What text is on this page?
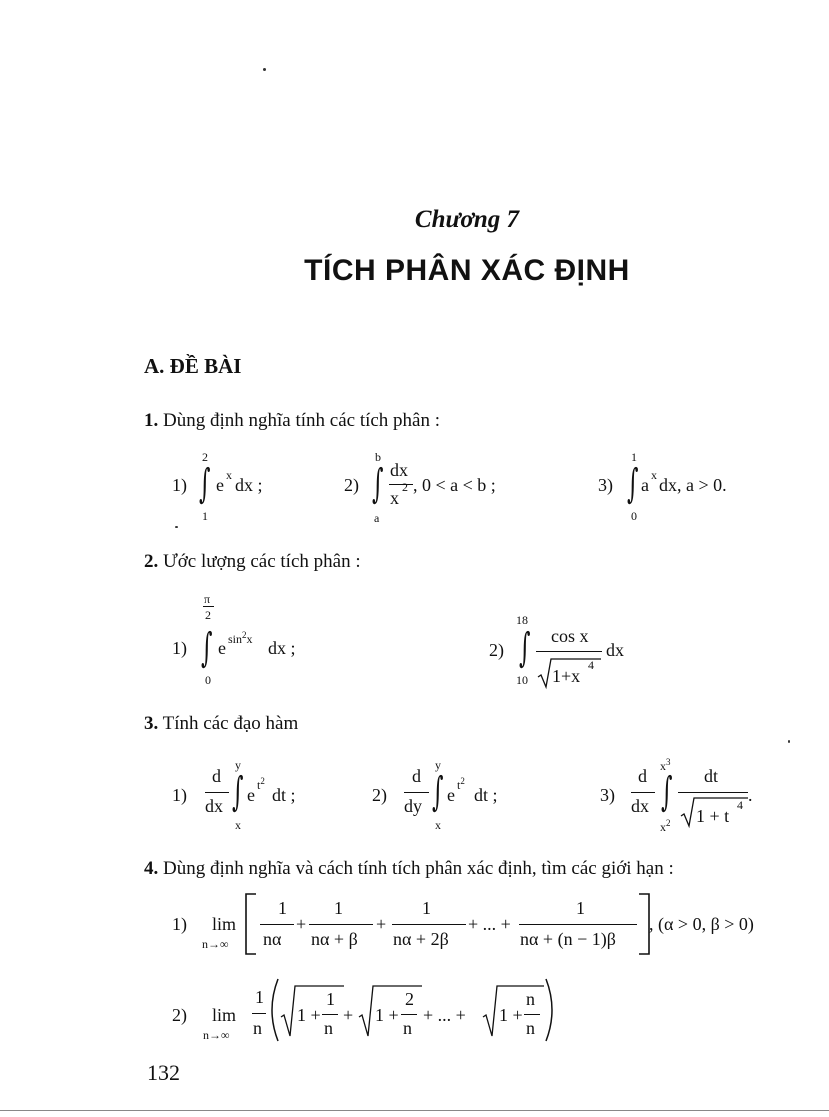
Chương 7
TÍCH PHÂN XÁC ĐỊNH
A. ĐỀ BÀI
1. Dùng định nghĩa tính các tích phân :
1)
2
∫
1
e x dx ;	2)
b
∫
a
dx
x
2 , 0 < a < b ;	3)
1
∫
0
a x dx, a > 0.
2. Ước lượng các tích phân :
1)
π
2
∫
0
e $\sin^2x$ dx ;	2)
18
∫
10
cos x
1+x
4
dx
3. Tính các đạo hàm
1)
d
dx
y
∫
x
e $t^2$
dt ;	2)
d
dy
y
∫
x
e $t^2$
dt ;	3)
d
dx
$x^3$
∫
$x^2$
dt
1 + t
4 .
4. Dùng định nghĩa và cách tính tích phân xác định, tìm các giới hạn :
1) lim
n→∞
1
nα
+
1
nα + β
+
1
nα + 2β
+ ... +
1
nα + (n − 1)β
, (α > 0, β > 0)
2) lim
n→∞
1
n
1 +
1
n
+ 1 +
2
n
+ ... + 1 +
n
n
132
